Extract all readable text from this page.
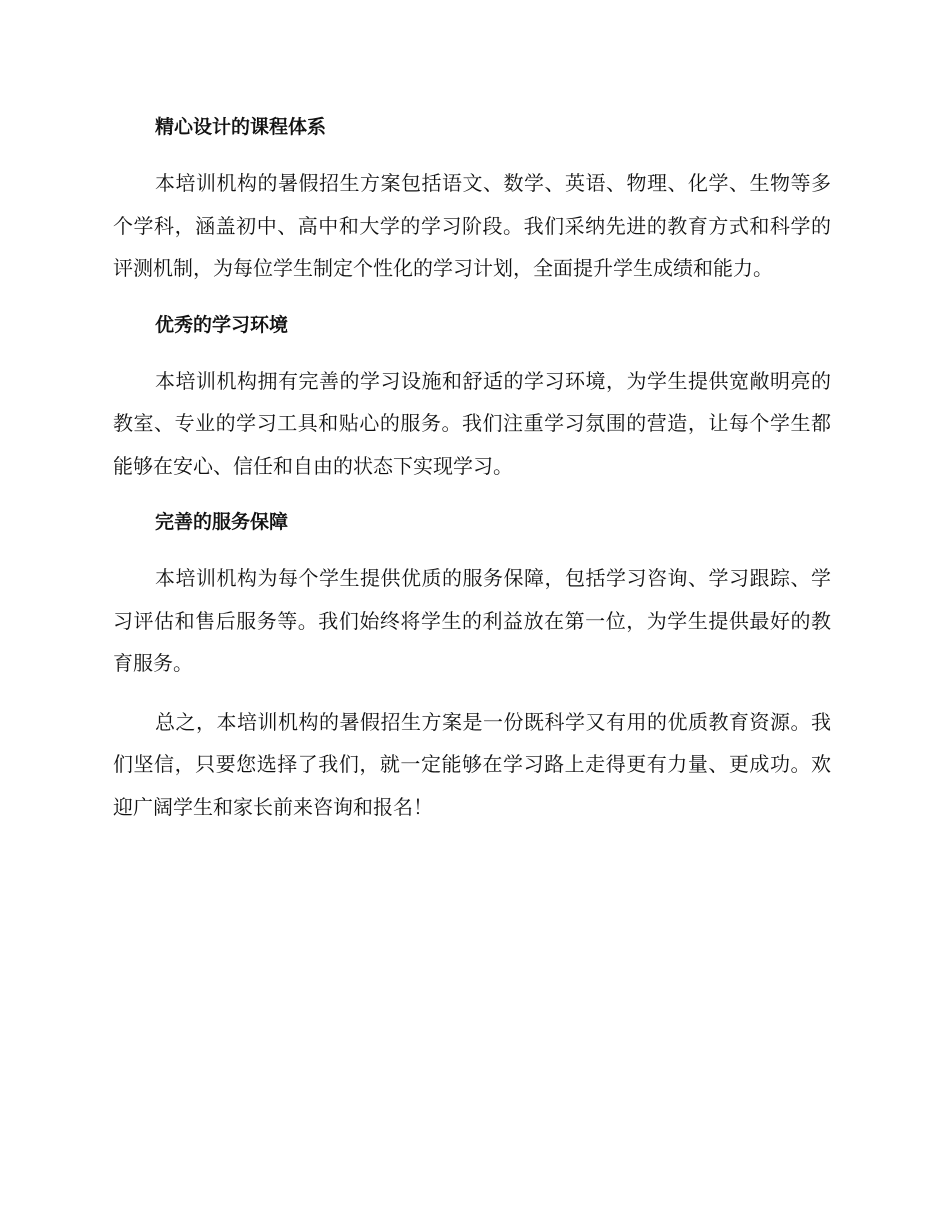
精心设计的课程体系

本培训机构的暑假招生方案包括语文、数学、英语、物理、化学、生物等多个学科，涵盖初中、高中和大学的学习阶段。我们采纳先进的教育方式和科学的评测机制，为每位学生制定个性化的学习计划，全面提升学生成绩和能力。

优秀的学习环境

本培训机构拥有完善的学习设施和舒适的学习环境，为学生提供宽敞明亮的教室、专业的学习工具和贴心的服务。我们注重学习氛围的营造，让每个学生都能够在安心、信任和自由的状态下实现学习。

完善的服务保障

本培训机构为每个学生提供优质的服务保障，包括学习咨询、学习跟踪、学习评估和售后服务等。我们始终将学生的利益放在第一位，为学生提供最好的教育服务。

总之，本培训机构的暑假招生方案是一份既科学又有用的优质教育资源。我们坚信，只要您选择了我们，就一定能够在学习路上走得更有力量、更成功。欢迎广阔学生和家长前来咨询和报名！
